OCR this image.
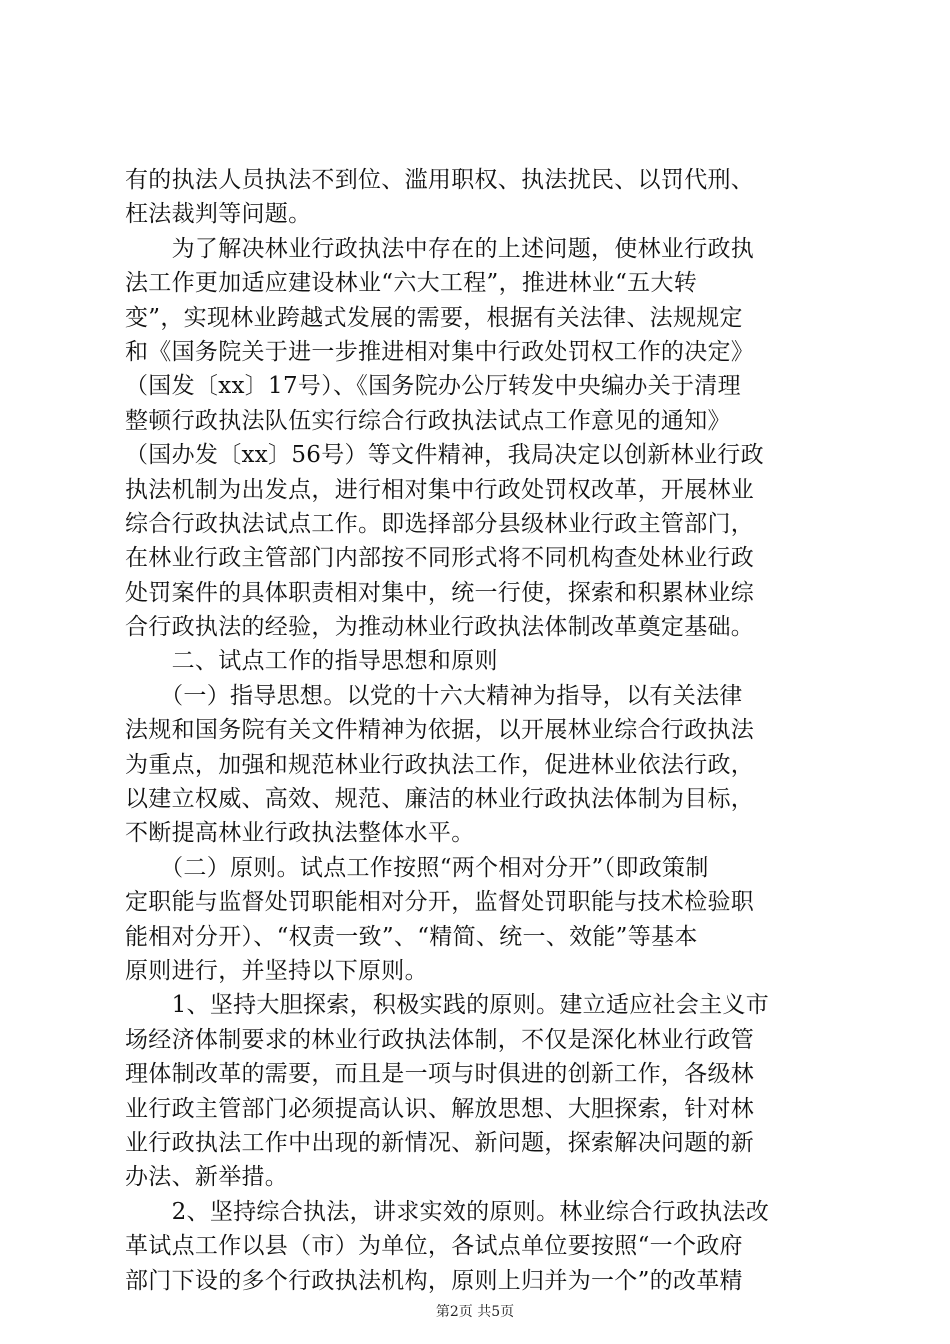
有的执法人员执法不到位、滥用职权、执法扰民、以罚代刑、
枉法裁判等问题。
　　为了解决林业行政执法中存在的上述问题，使林业行政执
法工作更加适应建设林业“六大工程”，推进林业“五大转
变”，实现林业跨越式发展的需要，根据有关法律、法规规定
和《国务院关于进一步推进相对集中行政处罚权工作的决定》
（国发〔xx〕17号）、《国务院办公厅转发中央编办关于清理
整顿行政执法队伍实行综合行政执法试点工作意见的通知》
（国办发〔xx〕56号）等文件精神，我局决定以创新林业行政
执法机制为出发点，进行相对集中行政处罚权改革，开展林业
综合行政执法试点工作。即选择部分县级林业行政主管部门，
在林业行政主管部门内部按不同形式将不同机构查处林业行政
处罚案件的具体职责相对集中，统一行使，探索和积累林业综
合行政执法的经验，为推动林业行政执法体制改革奠定基础。
　　二、试点工作的指导思想和原则
　　（一）指导思想。以党的十六大精神为指导，以有关法律
法规和国务院有关文件精神为依据，以开展林业综合行政执法
为重点，加强和规范林业行政执法工作，促进林业依法行政，
以建立权威、高效、规范、廉洁的林业行政执法体制为目标，
不断提高林业行政执法整体水平。
　　（二）原则。试点工作按照“两个相对分开”（即政策制
定职能与监督处罚职能相对分开，监督处罚职能与技术检验职
能相对分开）、“权责一致”、“精简、统一、效能”等基本
原则进行，并坚持以下原则。
　　1、坚持大胆探索，积极实践的原则。建立适应社会主义市
场经济体制要求的林业行政执法体制，不仅是深化林业行政管
理体制改革的需要，而且是一项与时俱进的创新工作，各级林
业行政主管部门必须提高认识、解放思想、大胆探索，针对林
业行政执法工作中出现的新情况、新问题，探索解决问题的新
办法、新举措。
　　2、坚持综合执法，讲求实效的原则。林业综合行政执法改
革试点工作以县（市）为单位，各试点单位要按照“一个政府
部门下设的多个行政执法机构，原则上归并为一个”的改革精
第2页 共5页
